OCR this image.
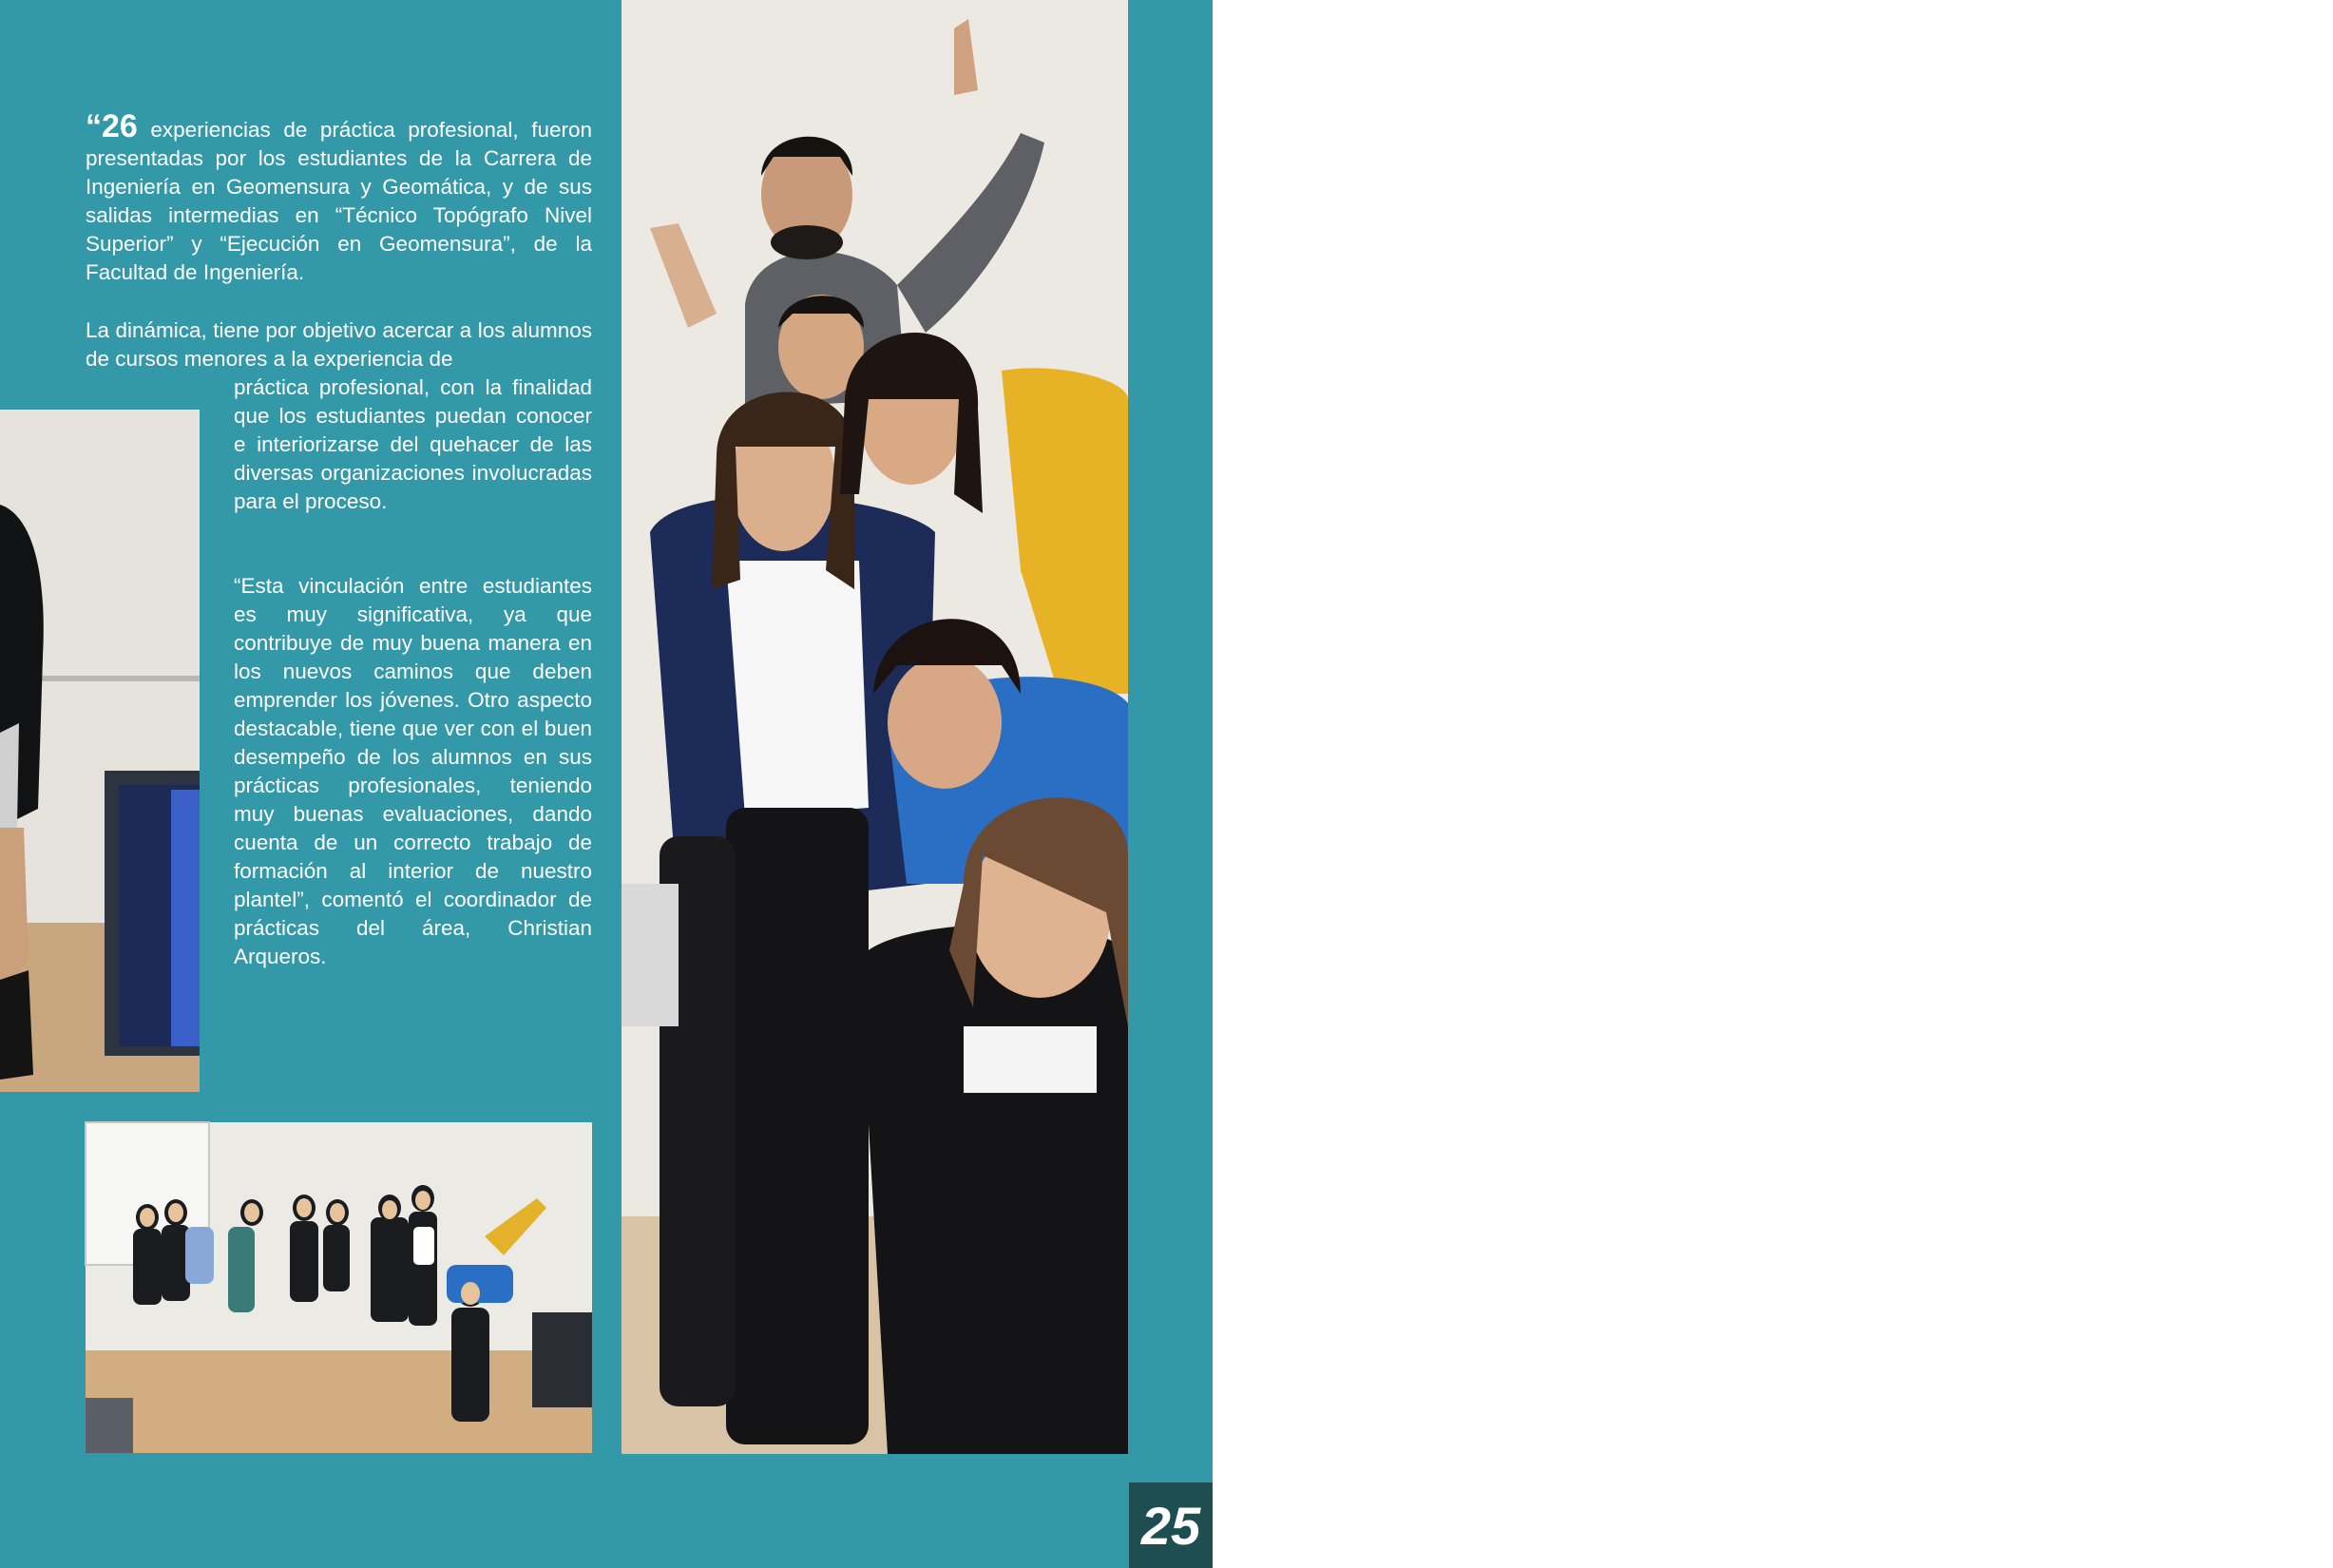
“26 experiencias de práctica profesional, fueron presentadas por los estudiantes de la Carrera de Ingeniería en Geomensura y Geomática, y de sus salidas intermedias en “Técnico Topógrafo Nivel Superior” y “Ejecución en Geomensura”, de la Facultad de Ingeniería.

La dinámica, tiene por objetivo acercar a los alumnos de cursos menores a la experiencia de

práctica profesional, con la finalidad que los estudiantes puedan conocer e interiorizarse del quehacer de las diversas organizaciones involucradas para el proceso.

“Esta vinculación entre estudiantes es muy significativa, ya que contribuye de muy buena manera en los nuevos caminos que deben emprender los jóvenes. Otro aspecto destacable, tiene que ver con el buen desempeño de los alumnos en sus prácticas profesionales, teniendo muy buenas evaluaciones, dando cuenta de un correcto trabajo de formación al interior de nuestro plantel”, comentó el coordinador de prácticas del área, Christian Arqueros.

DOCENCIA
25
